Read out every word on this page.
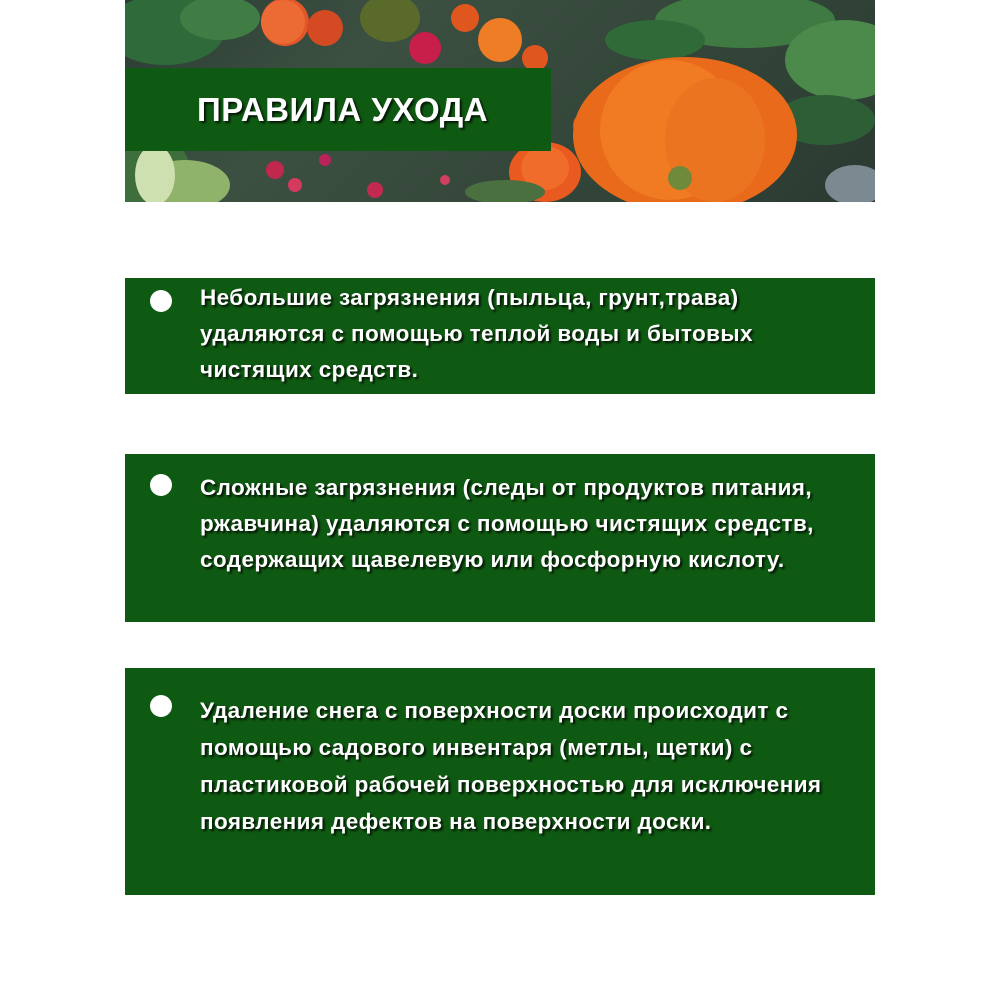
ПРАВИЛА УХОДА

Небольшие загрязнения (пыльца, грунт,трава) удаляются с помощью теплой воды и бытовых чистящих средств.

Сложные загрязнения (следы от продуктов питания, ржавчина) удаляются с помощью чистящих средств, содержащих щавелевую или фосфорную кислоту.

Удаление снега с поверхности доски происходит с помощью садового инвентаря (метлы, щетки) с пластиковой рабочей поверхностью для исключения появления дефектов на поверхности доски.
